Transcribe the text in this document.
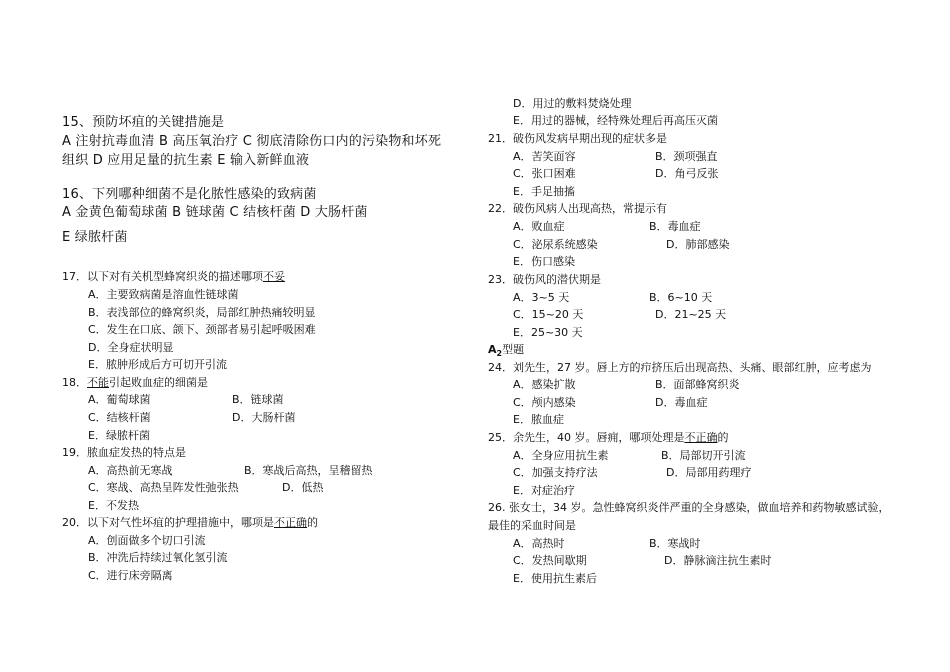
15、预防坏疽的关键措施是
A 注射抗毒血清 B 高压氧治疗 C 彻底清除伤口内的污染物和坏死
组织 D 应用足量的抗生素 E 输入新鲜血液
16、下列哪种细菌不是化脓性感染的致病菌
A 金黄色葡萄球菌 B 链球菌 C 结核杆菌 D 大肠杆菌
E 绿脓杆菌
17．以下对有关机型蜂窝织炎的描述哪项不妥
A．主要致病菌是溶血性链球菌
B．表浅部位的蜂窝织炎，局部红肿热痛较明显
C．发生在口底、颌下、颈部者易引起呼吸困难
D．全身症状明显
E．脓肿形成后方可切开引流
18．不能引起败血症的细菌是
A．葡萄球菌	B．链球菌
C．结核杆菌	D．大肠杆菌
E．绿脓杆菌
19．脓血症发热的特点是
A．高热前无寒战	B．寒战后高热，呈稽留热
C．寒战、高热呈阵发性弛张热	D．低热
E．不发热
20．以下对气性坏疽的护理措施中，哪项是不正确的
A．创面做多个切口引流
B．冲洗后持续过氧化氢引流
C．进行床旁隔离
D．用过的敷料焚烧处理
E．用过的器械，经特殊处理后再高压灭菌
21．破伤风发病早期出现的症状多是
A．苦笑面容	B．颈项强直
C．张口困难	D．角弓反张
E．手足抽搐
22．破伤风病人出现高热，常提示有
A．败血症	B．毒血症
C．泌尿系统感染	D．肺部感染
E．伤口感染
23．破伤风的潜伏期是
A．3~5 天	B．6~10 天
C．15~20 天	D．21~25 天
E．25~30 天
$A_2$型题
24．刘先生，27 岁。唇上方的疖挤压后出现高热、头痛、眼部红肿，应考虑为
A．感染扩散	B．面部蜂窝织炎
C．颅内感染	D．毒血症
E．脓血症
25．余先生，40 岁。唇痈，哪项处理是不正确的
A．全身应用抗生素	B．局部切开引流
C．加强支持疗法	D．局部用药理疗
E．对症治疗
26. 张女士，34 岁。急性蜂窝织炎伴严重的全身感染，做血培养和药物敏感试验，
最佳的采血时间是
A．高热时	B．寒战时
C．发热间歇期	D．静脉滴注抗生素时
E．使用抗生素后
